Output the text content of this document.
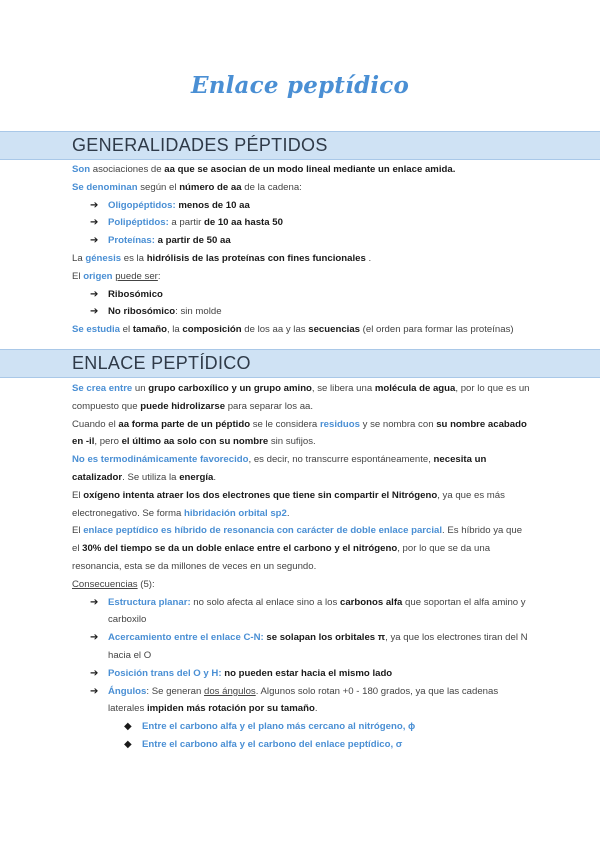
Enlace peptídico
GENERALIDADES PÉPTIDOS

Son asociaciones de aa que se asocian de un modo lineal mediante un enlace amida.

Se denominan según el número de aa de la cadena:

➔ Oligopéptidos: menos de 10 aa
➔ Polipéptidos: a partir de 10 aa hasta 50
➔ Proteínas: a partir de 50 aa

La génesis es la hidrólisis de las proteínas con fines funcionales .

El origen puede ser:

➔ Ribosómico
➔ No ribosómico: sin molde

Se estudia el tamaño, la composición de los aa y las secuencias (el orden para formar las proteínas)

ENLACE PEPTÍDICO

Se crea entre un grupo carboxílico y un grupo amino, se libera una molécula de agua, por lo que es un compuesto que puede hidrolizarse para separar los aa.

Cuando el aa forma parte de un péptido se le considera residuos y se nombra con su nombre acabado en -il, pero el último aa solo con su nombre sin sufijos.

No es termodinámicamente favorecido, es decir, no transcurre espontáneamente, necesita un catalizador. Se utiliza la energía.

El oxígeno intenta atraer los dos electrones que tiene sin compartir el Nitrógeno, ya que es más electronegativo. Se forma hibridación orbital sp2.

El enlace peptídico es híbrido de resonancia con carácter de doble enlace parcial. Es híbrido ya que el 30% del tiempo se da un doble enlace entre el carbono y el nitrógeno, por lo que se da una resonancia, esta se da millones de veces en un segundo.

Consecuencias (5):

➔ Estructura planar: no solo afecta al enlace sino a los carbonos alfa que soportan el alfa amino y carboxilo
➔ Acercamiento entre el enlace C-N: se solapan los orbitales π, ya que los electrones tiran del N hacia el O
➔ Posición trans del O y H: no pueden estar hacia el mismo lado
➔ Ángulos: Se generan dos ángulos. Algunos solo rotan +0 - 180 grados, ya que las cadenas laterales impiden más rotación por su tamaño.
◆ Entre el carbono alfa y el plano más cercano al nitrógeno, ϕ
◆ Entre el carbono alfa y el carbono del enlace peptídico, σ
